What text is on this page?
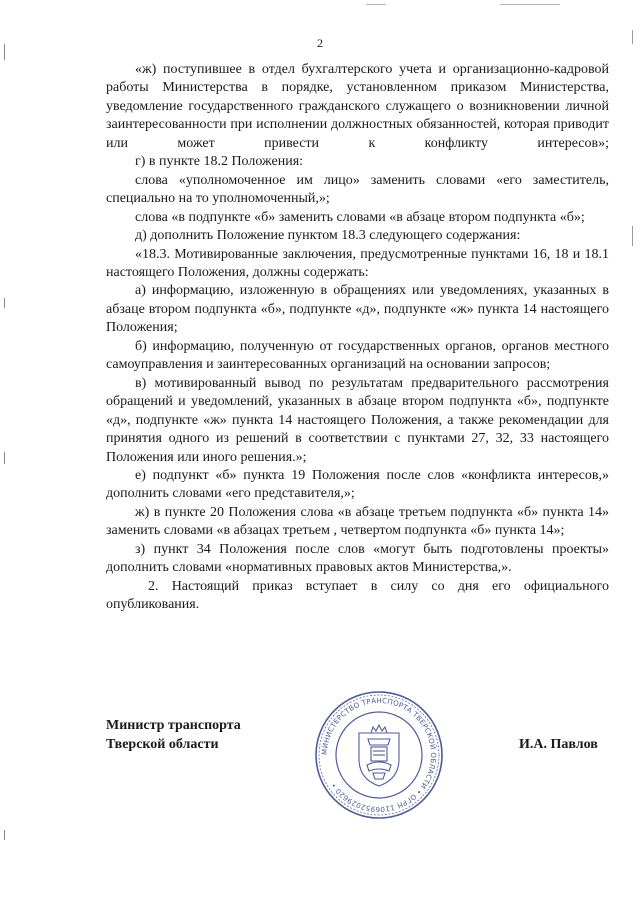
2

«ж) поступившее в отдел бухгалтерского учета и организационно-кадровой работы Министерства в порядке, установленном приказом Министерства, уведомление государственного гражданского служащего о возникновении личной заинтересованности при исполнении должностных обязанностей, которая приводит или может привести к конфликту интересов»;

г) в пункте 18.2 Положения:

слова «уполномоченное им лицо» заменить словами «его заместитель, специально на то уполномоченный,»;

слова «в подпункте «б» заменить словами «в абзаце втором подпункта «б»;

д) дополнить Положение пунктом 18.3 следующего содержания:

«18.3. Мотивированные заключения, предусмотренные пунктами 16, 18 и 18.1 настоящего Положения, должны содержать:

а) информацию, изложенную в обращениях или уведомлениях, указанных в абзаце втором подпункта «б», подпункте «д», подпункте «ж» пункта 14 настоящего Положения;

б) информацию, полученную от государственных органов, органов местного самоуправления и заинтересованных организаций на основании запросов;

в) мотивированный вывод по результатам предварительного рассмотрения обращений и уведомлений, указанных в абзаце втором подпункта «б», подпункте «д», подпункте «ж» пункта 14 настоящего Положения, а также рекомендации для принятия одного из решений в соответствии с пунктами 27, 32, 33 настоящего Положения или иного решения.»;

е) подпункт «б» пункта 19 Положения после слов «конфликта интересов,» дополнить словами «его представителя,»;

ж) в пункте 20 Положения слова «в абзаце третьем подпункта «б» пункта 14» заменить словами «в абзацах третьем , четвертом подпункта «б» пункта 14»;

з) пункт 34 Положения после слов «могут быть подготовлены проекты» дополнить словами «нормативных правовых актов Министерства,».

2. Настоящий приказ вступает в силу со дня его официального опубликования.

Министр транспорта
Тверской области	И.А. Павлов
МИНИСТЕРСТВО ТРАНСПОРТА ТВЕРСКОЙ ОБЛАСТИ • ОГРН 1106952029620 •
